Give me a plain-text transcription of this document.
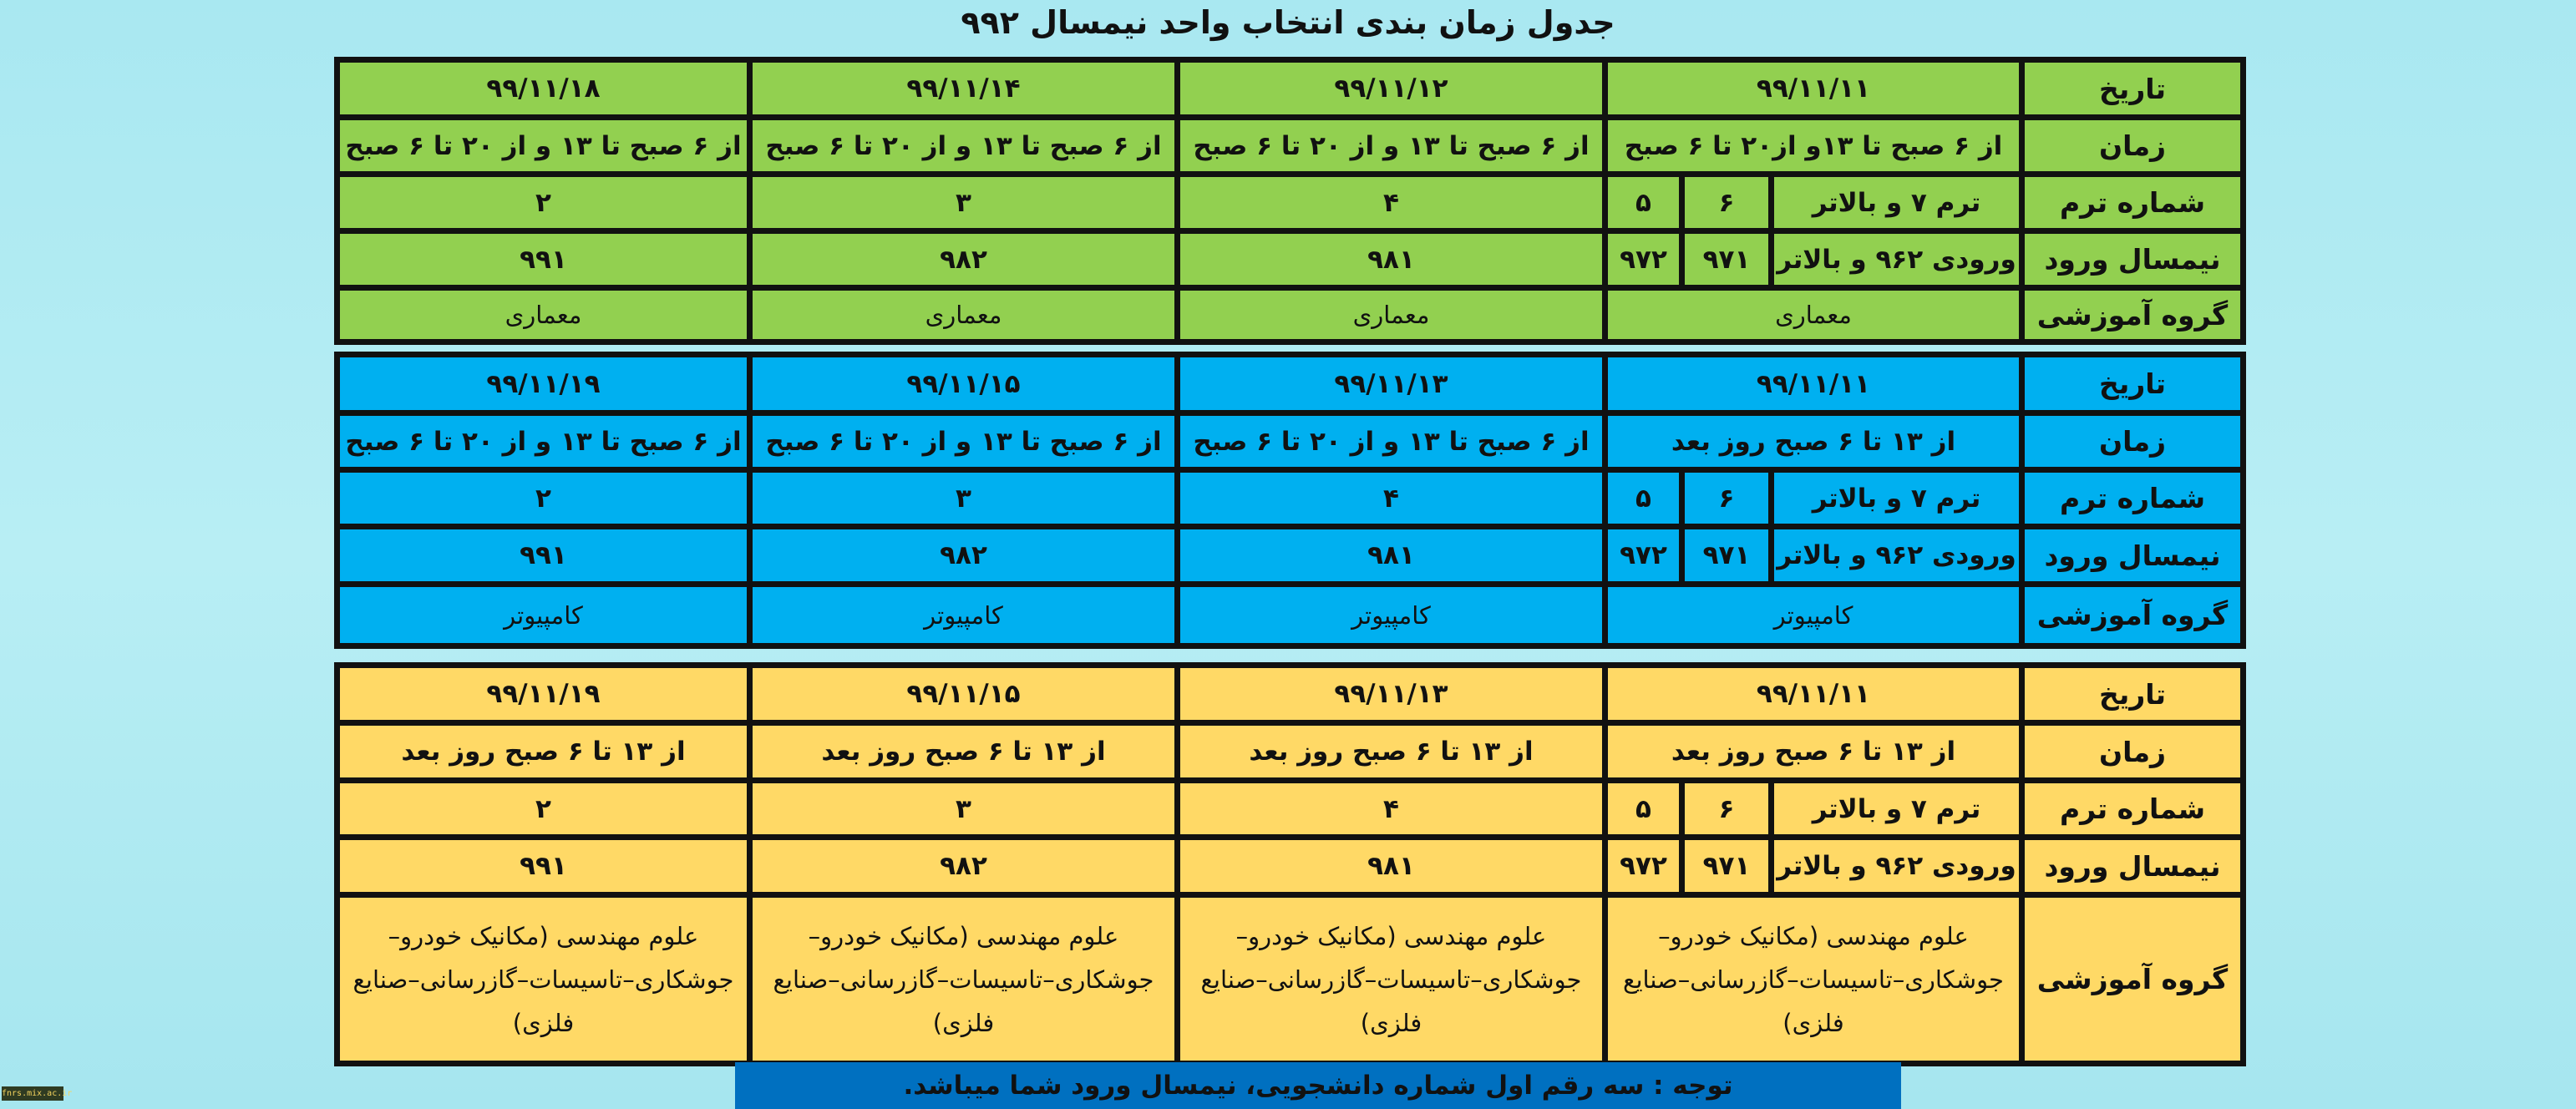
جدول زمان بندی انتخاب واحد نیمسال ۹۹۲
تاریخ	۹۹/۱۱/۱۱			۹۹/۱۱/۱۲	۹۹/۱۱/۱۴	۹۹/۱۱/۱۸
زمان	از ۶ صبح تا ۱۳و از۲۰ تا ۶ صبح			از ۶ صبح تا ۱۳ و از ۲۰ تا ۶ صبح	از ۶ صبح تا ۱۳ و از ۲۰ تا ۶ صبح	از ۶ صبح تا ۱۳ و از ۲۰ تا ۶ صبح
شماره ترم	ترم ۷ و بالاتر	۶	۵	۴	۳	۲
نیمسال ورود	ورودی ۹۶۲ و بالاتر	۹۷۱	۹۷۲	۹۸۱	۹۸۲	۹۹۱
گروه آموزشی	معماری			معماری	معماری	معماری
تاریخ	۹۹/۱۱/۱۱			۹۹/۱۱/۱۳	۹۹/۱۱/۱۵	۹۹/۱۱/۱۹
زمان	از ۱۳ تا ۶ صبح روز بعد			از ۶ صبح تا ۱۳ و از ۲۰ تا ۶ صبح	از ۶ صبح تا ۱۳ و از ۲۰ تا ۶ صبح	از ۶ صبح تا ۱۳ و از ۲۰ تا ۶ صبح
شماره ترم	ترم ۷ و بالاتر	۶	۵	۴	۳	۲
نیمسال ورود	ورودی ۹۶۲ و بالاتر	۹۷۱	۹۷۲	۹۸۱	۹۸۲	۹۹۱
گروه آموزشی	کامپیوتر			کامپیوتر	کامپیوتر	کامپیوتر
تاریخ	۹۹/۱۱/۱۱			۹۹/۱۱/۱۳	۹۹/۱۱/۱۵	۹۹/۱۱/۱۹
زمان	از ۱۳ تا ۶ صبح روز بعد			از ۱۳ تا ۶ صبح روز بعد	از ۱۳ تا ۶ صبح روز بعد	از ۱۳ تا ۶ صبح روز بعد
شماره ترم	ترم ۷ و بالاتر	۶	۵	۴	۳	۲
نیمسال ورود	ورودی ۹۶۲ و بالاتر	۹۷۱	۹۷۲	۹۸۱	۹۸۲	۹۹۱
گروه آموزشی	علوم مهندسی (مکانیک خودرو–جوشکاری–تاسیسات–گازرسانی–صنایع فلزی)			علوم مهندسی (مکانیک خودرو–جوشکاری–تاسیسات–گازرسانی–صنایع فلزی)	علوم مهندسی (مکانیک خودرو–جوشکاری–تاسیسات–گازرسانی–صنایع فلزی)	علوم مهندسی (مکانیک خودرو–جوشکاری–تاسیسات–گازرسانی–صنایع فلزی)
توجه : سه رقم اول شماره دانشجویی، نیمسال ورود شما میباشد.
fnrs.mix.ac.ir
